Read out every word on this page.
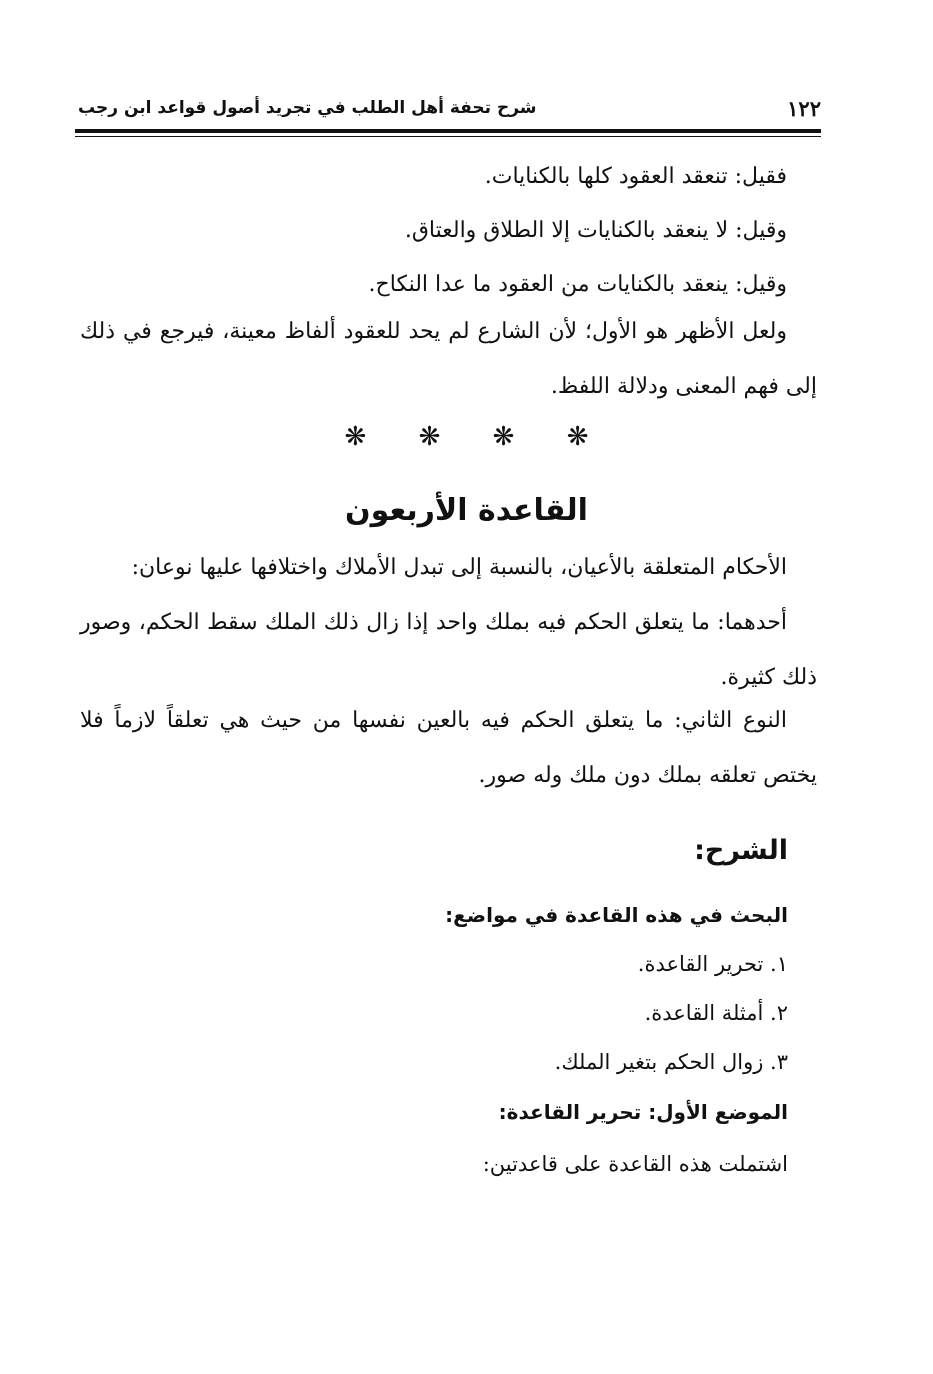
١٢٢
شرح تحفة أهل الطلب في تجريد أصول قواعد ابن رجب
فقيل: تنعقد العقود كلها بالكنايات.
وقيل: لا ينعقد بالكنايات إلا الطلاق والعتاق.
وقيل: ينعقد بالكنايات من العقود ما عدا النكاح.
ولعل الأظهر هو الأول؛ لأن الشارع لم يحد للعقود ألفاظ معينة، فيرجع في ذلك إلى فهم المعنى ودلالة اللفظ.
❋ ❋ ❋ ❋
القاعدة الأربعون
الأحكام المتعلقة بالأعيان، بالنسبة إلى تبدل الأملاك واختلافها عليها نوعان:
أحدهما: ما يتعلق الحكم فيه بملك واحد إذا زال ذلك الملك سقط الحكم، وصور ذلك كثيرة.
النوع الثاني: ما يتعلق الحكم فيه بالعين نفسها من حيث هي تعلقاً لازماً فلا يختص تعلقه بملك دون ملك وله صور.
الشرح:
البحث في هذه القاعدة في مواضع:
١. تحرير القاعدة.
٢. أمثلة القاعدة.
٣. زوال الحكم بتغير الملك.
الموضع الأول: تحرير القاعدة:
اشتملت هذه القاعدة على قاعدتين:
